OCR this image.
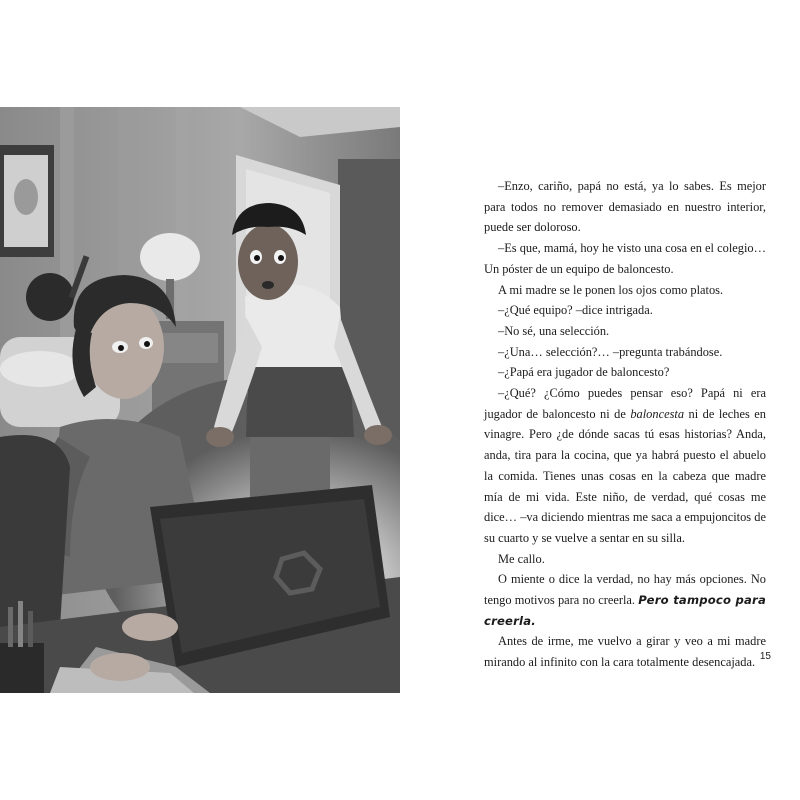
–Enzo, cariño, papá no está, ya lo sabes. Es mejor para todos no remover demasiado en nuestro interior, puede ser doloroso.

–Es que, mamá, hoy he visto una cosa en el colegio… Un póster de un equipo de baloncesto.

A mi madre se le ponen los ojos como platos.

–¿Qué equipo? –dice intrigada.

–No sé, una selección.

–¿Una… selección?… –pregunta trabándose.

–¿Papá era jugador de baloncesto?

–¿Qué? ¿Cómo puedes pensar eso? Papá ni era jugador de baloncesto ni de baloncesta ni de leches en vinagre. Pero ¿de dónde sacas tú esas historias? Anda, anda, tira para la cocina, que ya habrá puesto el abuelo la comida. Tienes unas cosas en la cabeza que madre mía de mi vida. Este niño, de verdad, qué cosas me dice… –va diciendo mientras me saca a empujoncitos de su cuarto y se vuelve a sentar en su silla.

Me callo.

O miente o dice la verdad, no hay más opciones. No tengo motivos para no creerla. Pero tampoco para creerla.

Antes de irme, me vuelvo a girar y veo a mi madre mirando al infinito con la cara totalmente desencajada. 15
